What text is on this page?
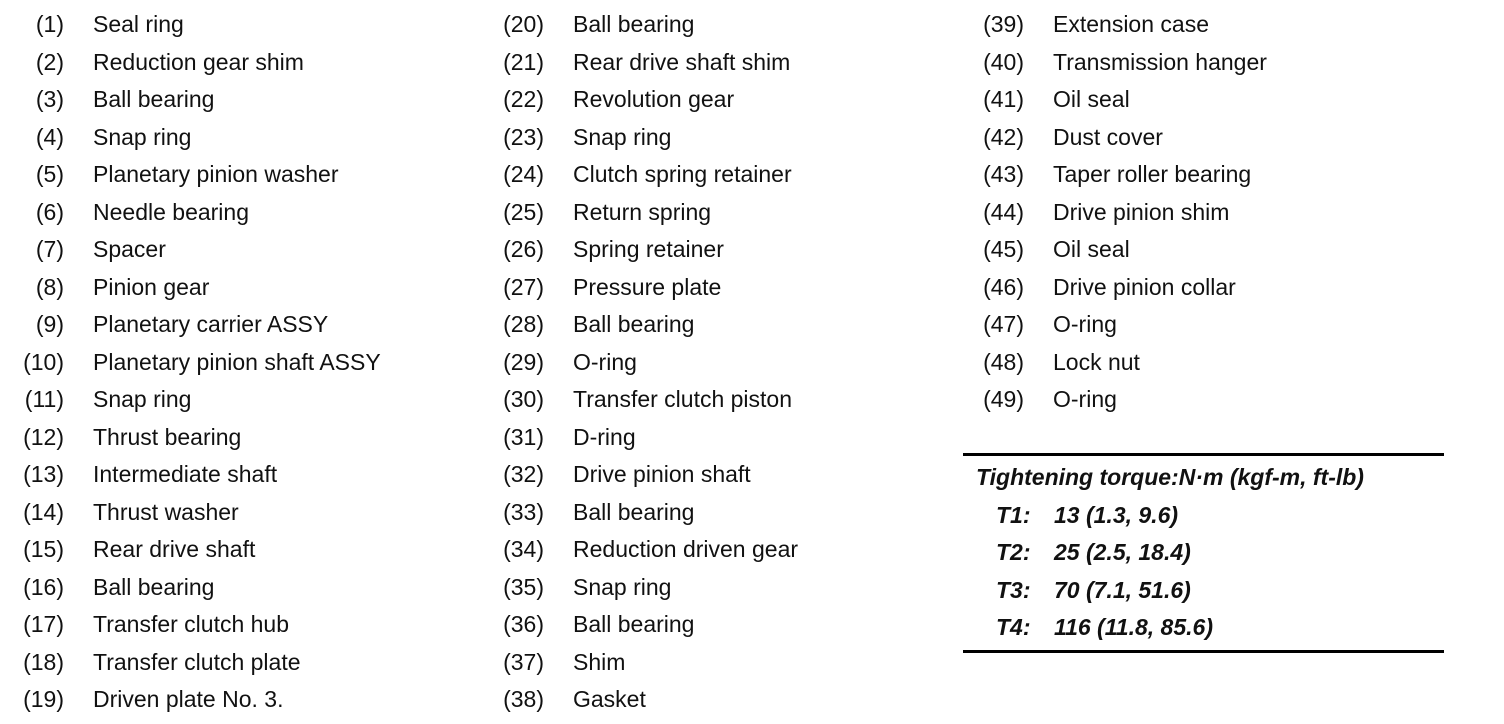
(1) Seal ring
(2) Reduction gear shim
(3) Ball bearing
(4) Snap ring
(5) Planetary pinion washer
(6) Needle bearing
(7) Spacer
(8) Pinion gear
(9) Planetary carrier ASSY
(10) Planetary pinion shaft ASSY
(11) Snap ring
(12) Thrust bearing
(13) Intermediate shaft
(14) Thrust washer
(15) Rear drive shaft
(16) Ball bearing
(17) Transfer clutch hub
(18) Transfer clutch plate
(19) Driven plate No. 3.
(20) Ball bearing
(21) Rear drive shaft shim
(22) Revolution gear
(23) Snap ring
(24) Clutch spring retainer
(25) Return spring
(26) Spring retainer
(27) Pressure plate
(28) Ball bearing
(29) O-ring
(30) Transfer clutch piston
(31) D-ring
(32) Drive pinion shaft
(33) Ball bearing
(34) Reduction driven gear
(35) Snap ring
(36) Ball bearing
(37) Shim
(38) Gasket
(39) Extension case
(40) Transmission hanger
(41) Oil seal
(42) Dust cover
(43) Taper roller bearing
(44) Drive pinion shim
(45) Oil seal
(46) Drive pinion collar
(47) O-ring
(48) Lock nut
(49) O-ring
Tightening torque:N·m (kgf-m, ft-lb)
T1: 13 (1.3, 9.6)
T2: 25 (2.5, 18.4)
T3: 70 (7.1, 51.6)
T4: 116 (11.8, 85.6)
